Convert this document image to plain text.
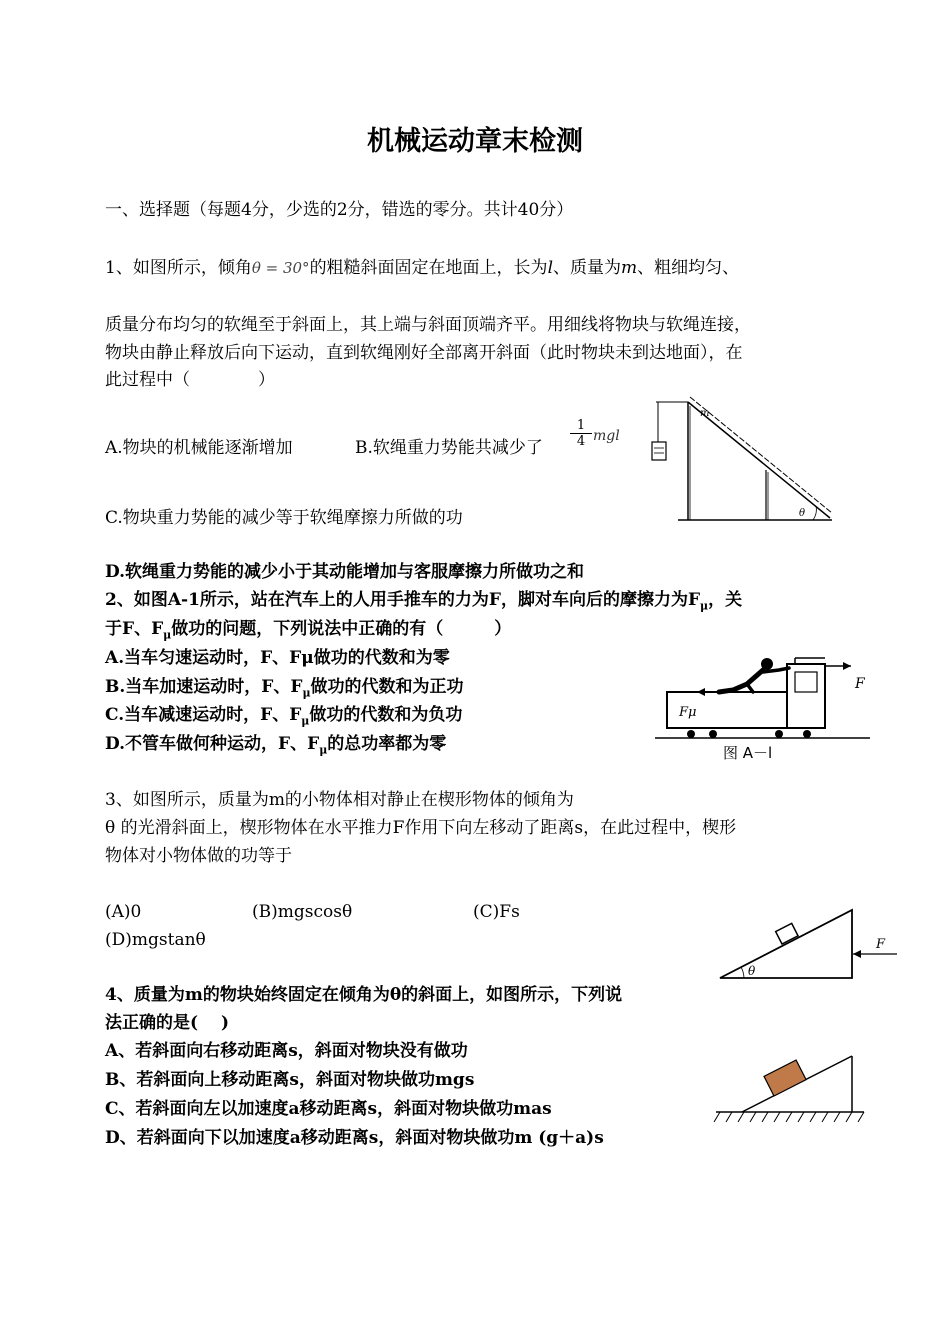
机械运动章末检测
一、选择题（每题4分，少选的2分，错选的零分。共计40分）
1、如图所示，倾角θ = 30°的粗糙斜面固定在地面上，长为l、质量为m、粗细均匀、
质量分布均匀的软绳至于斜面上，其上端与斜面顶端齐平。用细线将物块与软绳连接，
物块由静止释放后向下运动，直到软绳刚好全部离开斜面（此时物块未到达地面），在
此过程中（　　　　）
A.物块的机械能逐渐增加	B.软绳重力势能共减少了 $\frac{1}{4}$ mgl
C.物块重力势能的减少等于软绳摩擦力所做的功
D.软绳重力势能的减少小于其动能增加与客服摩擦力所做功之和
m
θ
2、如图A-1所示，站在汽车上的人用手推车的力为F，脚对车向后的摩擦力为$F_\mu$，关
于F、$F_\mu$做功的问题，下列说法中正确的有（　　　）
A.当车匀速运动时，F、Fμ做功的代数和为零
B.当车加速运动时，F、$F_\mu$做功的代数和为正功
C.当车减速运动时，F、$F_\mu$做功的代数和为负功
D.不管车做何种运动，F、$F_\mu$的总功率都为零
F
Fμ
图 A－l
3、如图所示，质量为m的小物体相对静止在楔形物体的倾角为
θ 的光滑斜面上，楔形物体在水平推力F作用下向左移动了距离s，在此过程中，楔形
物体对小物体做的功等于
(A)0	(B)mgscosθ	(C)Fs
(D)mgstanθ
θ
F
4、质量为m的物块始终固定在倾角为θ的斜面上，如图所示，下列说
法正确的是(　 )
A、若斜面向右移动距离s，斜面对物块没有做功
B、若斜面向上移动距离s，斜面对物块做功mgs
C、若斜面向左以加速度a移动距离s，斜面对物块做功mas
D、若斜面向下以加速度a移动距离s，斜面对物块做功m (g＋a)s
